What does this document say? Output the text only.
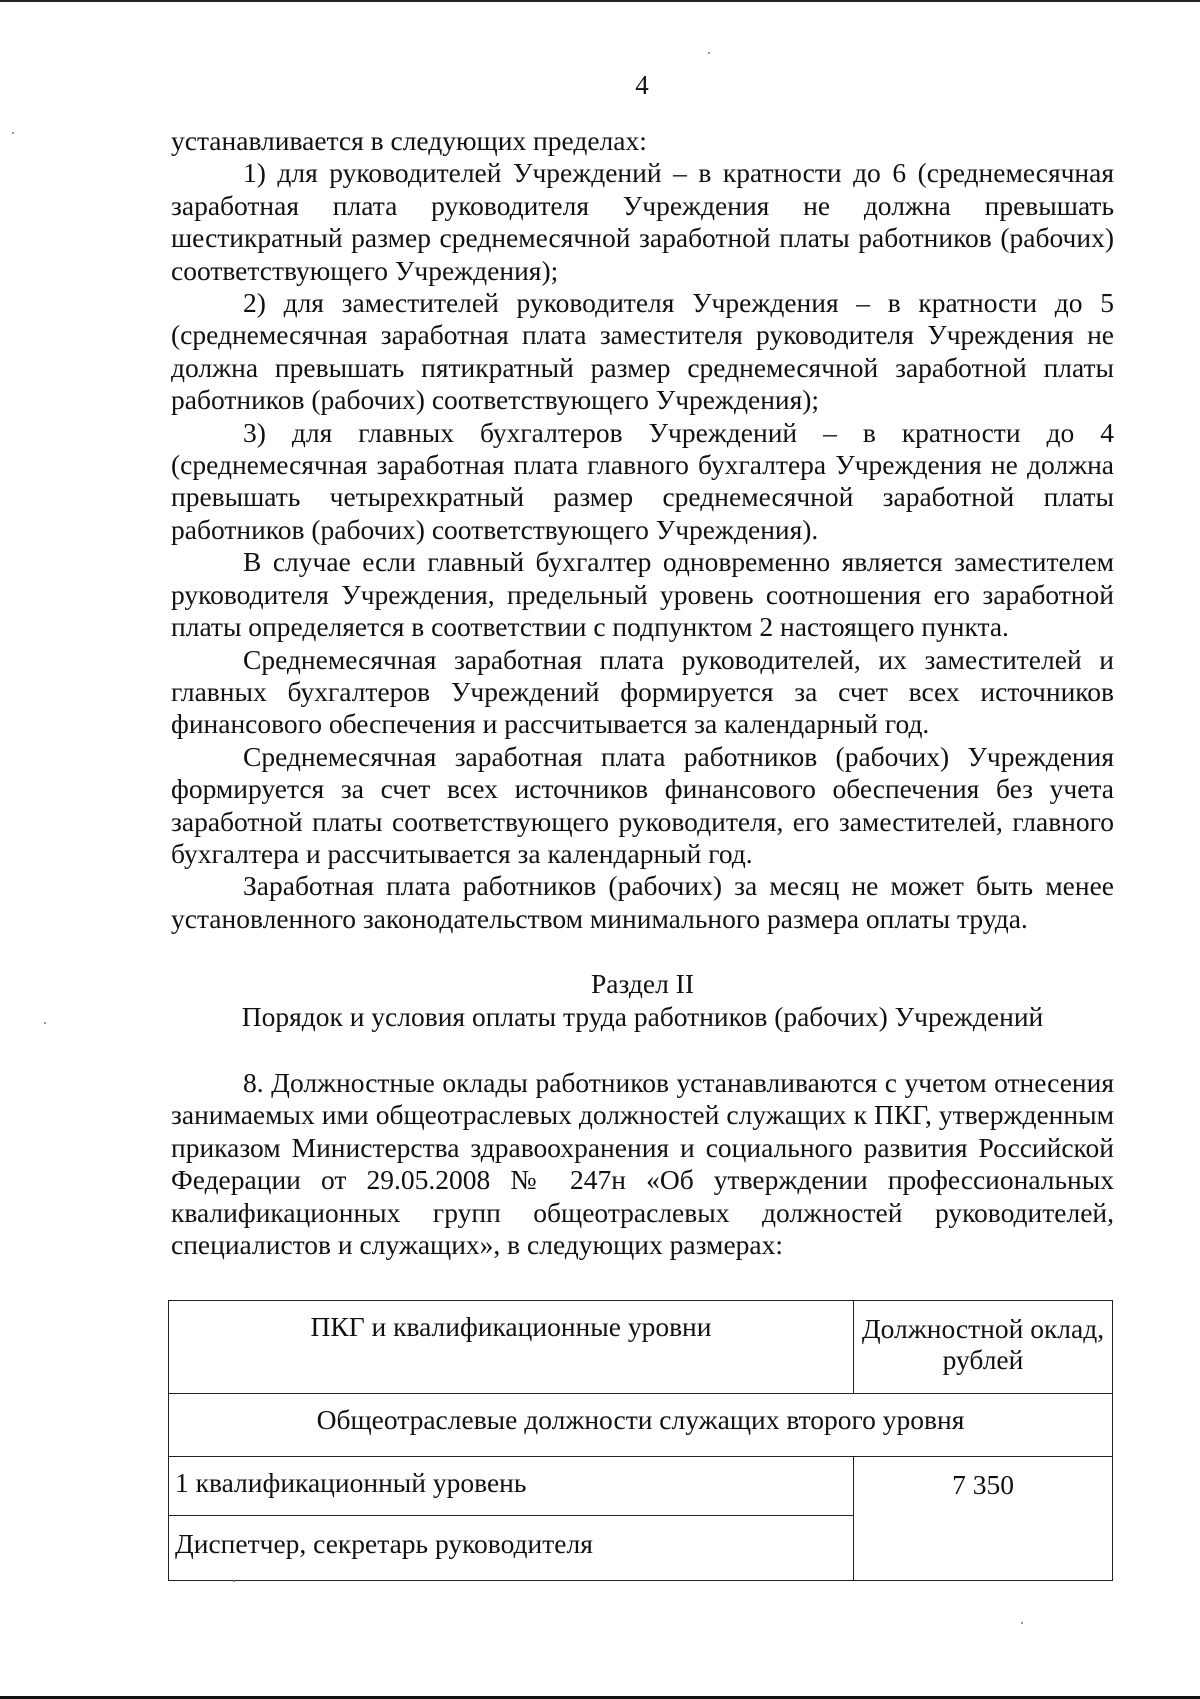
4

устанавливается в следующих пределах:

1) для руководителей Учреждений – в кратности до 6 (среднемесячная заработная плата руководителя Учреждения не должна превышать шестикратный размер среднемесячной заработной платы работников (рабочих) соответствующего Учреждения);

2) для заместителей руководителя Учреждения – в кратности до 5 (среднемесячная заработная плата заместителя руководителя Учреждения не должна превышать пятикратный размер среднемесячной заработной платы работников (рабочих) соответствующего Учреждения);

3) для главных бухгалтеров Учреждений – в кратности до 4 (среднемесячная заработная плата главного бухгалтера Учреждения не должна превышать четырехкратный размер среднемесячной заработной платы работников (рабочих) соответствующего Учреждения).

В случае если главный бухгалтер одновременно является заместителем руководителя Учреждения, предельный уровень соотношения его заработной платы определяется в соответствии с подпунктом 2 настоящего пункта.

Среднемесячная заработная плата руководителей, их заместителей и главных бухгалтеров Учреждений формируется за счет всех источников финансового обеспечения и рассчитывается за календарный год.

Среднемесячная заработная плата работников (рабочих) Учреждения формируется за счет всех источников финансового обеспечения без учета заработной платы соответствующего руководителя, его заместителей, главного бухгалтера и рассчитывается за календарный год.

Заработная плата работников (рабочих) за месяц не может быть менее установленного законодательством минимального размера оплаты труда.

Раздел II

Порядок и условия оплаты труда работников (рабочих) Учреждений

8. Должностные оклады работников устанавливаются с учетом отнесения занимаемых ими общеотраслевых должностей служащих к ПКГ, утвержденным приказом Министерства здравоохранения и социального развития Российской Федерации от 29.05.2008 № 247н «Об утверждении профессиональных квалификационных групп общеотраслевых должностей руководителей, специалистов и служащих», в следующих размерах:

ПКГ и квалификационные уровни	Должностной оклад, рублей
Общеотраслевые должности служащих второго уровня	
1 квалификационный уровень	7 350
Диспетчер, секретарь руководителя	
